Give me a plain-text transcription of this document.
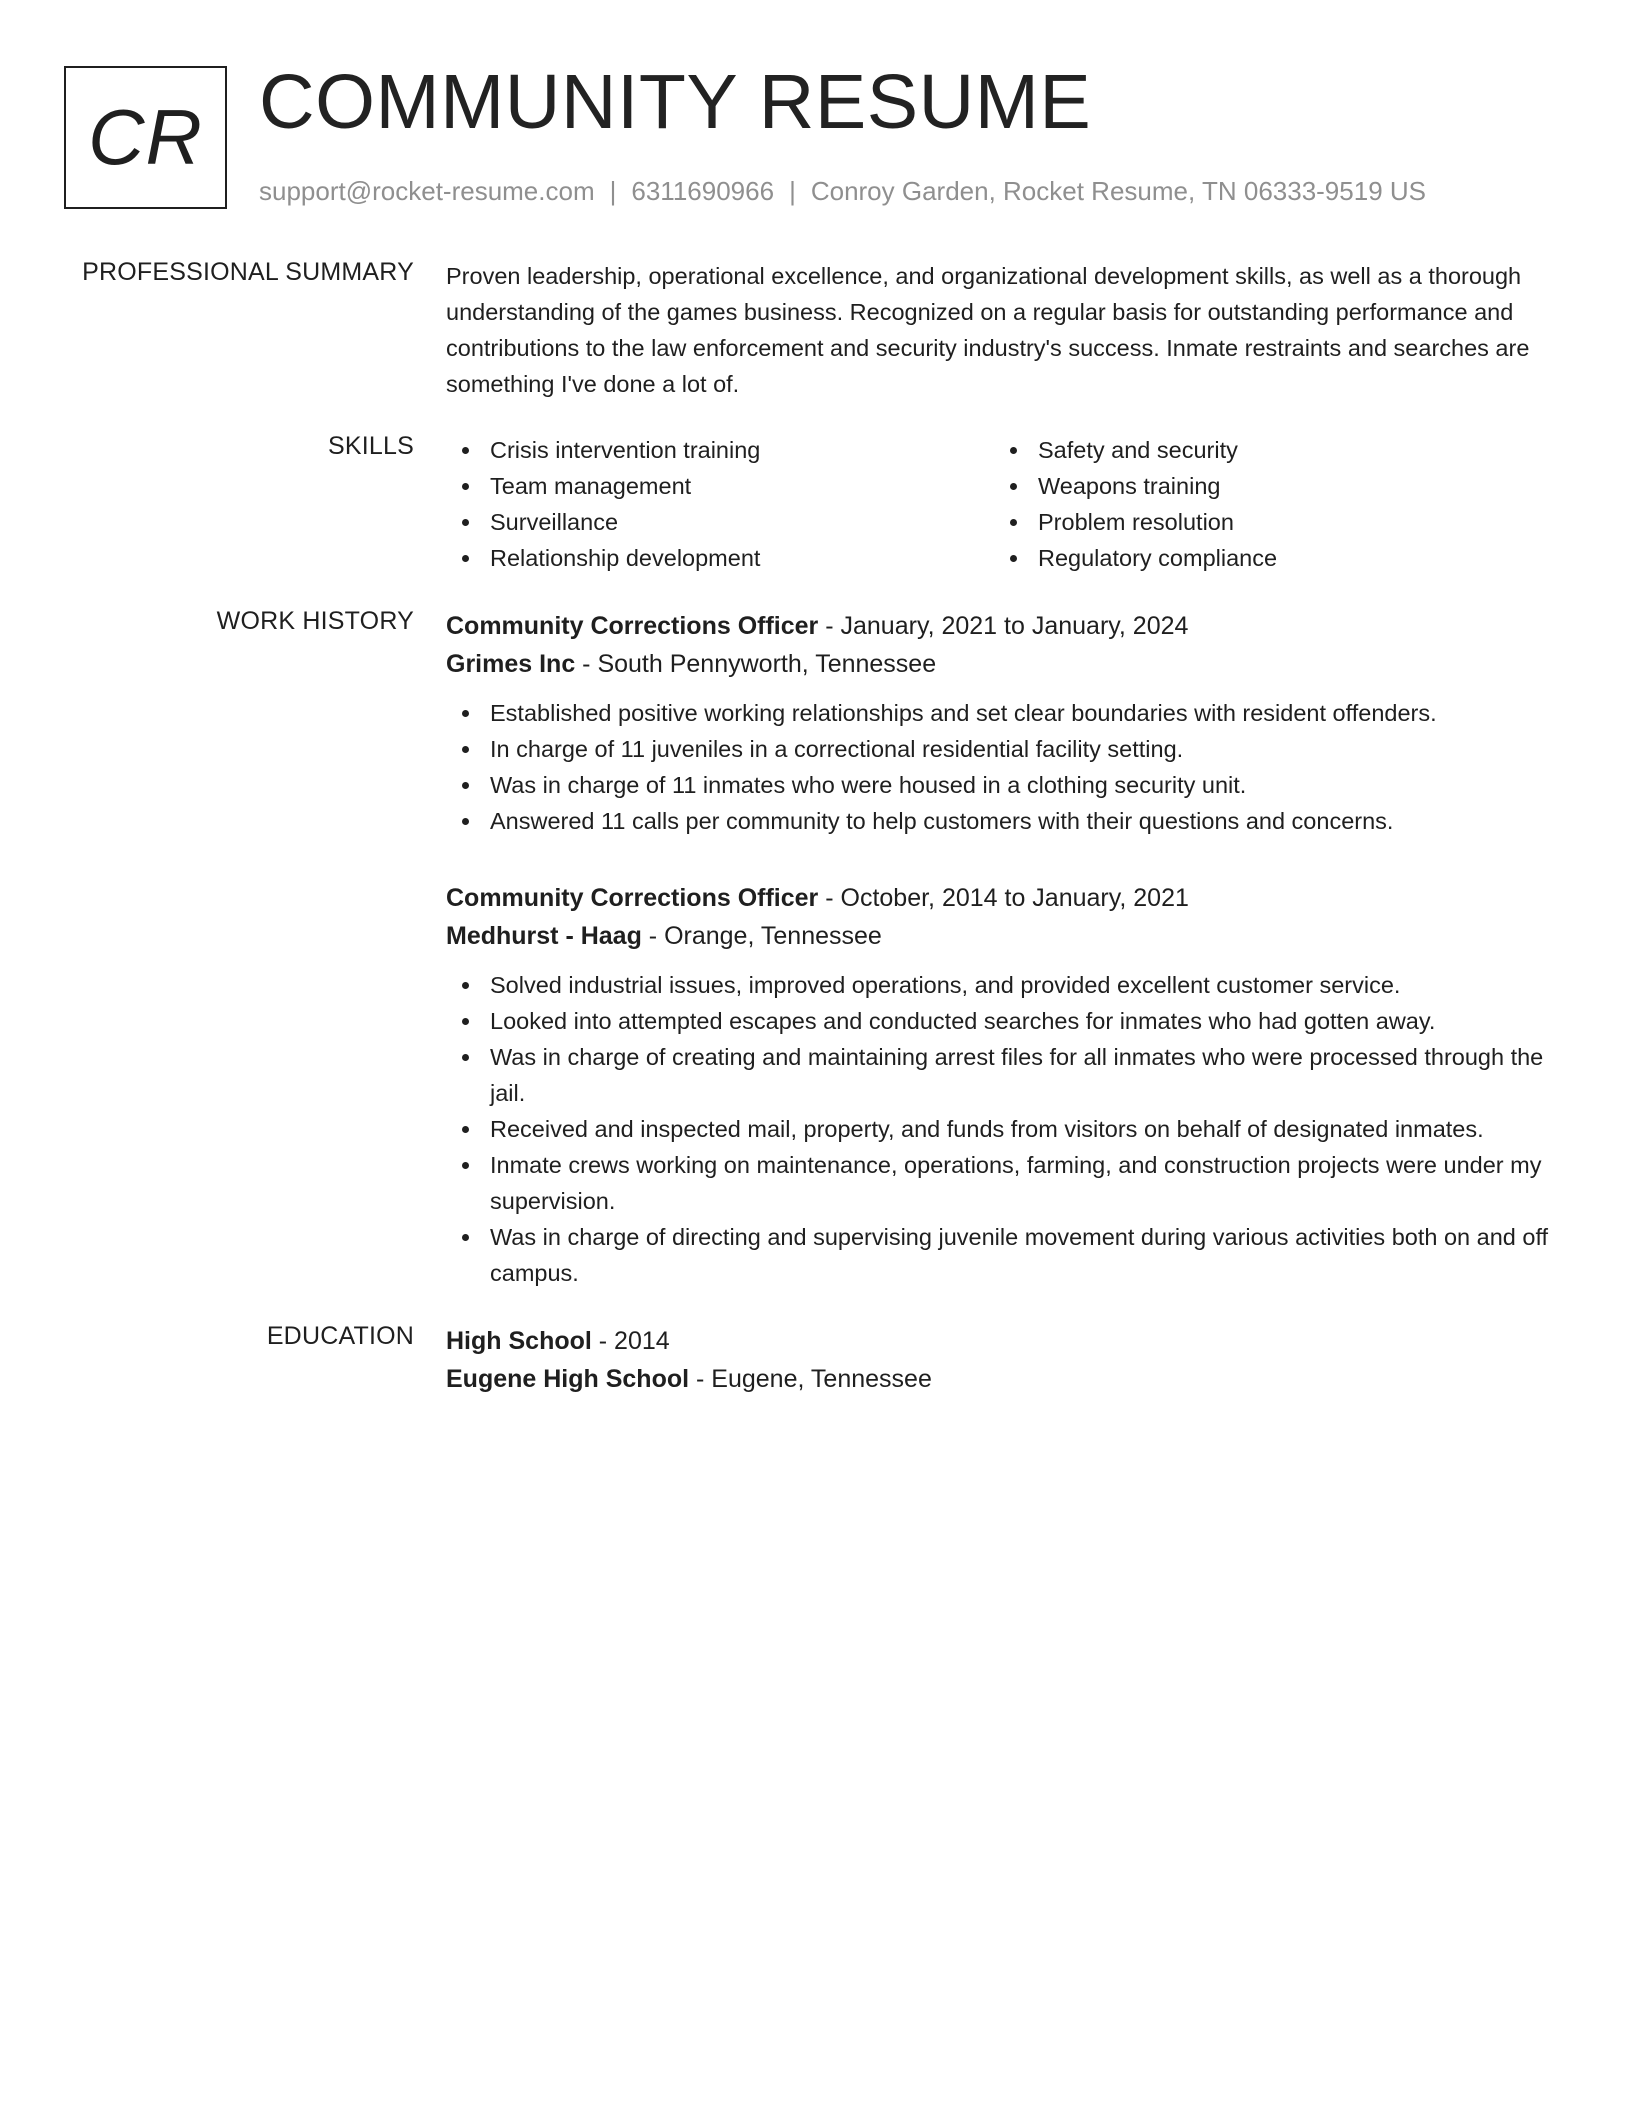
CR COMMUNITY RESUME
support@rocket-resume.com | 6311690966 | Conroy Garden, Rocket Resume, TN 06333-9519 US
PROFESSIONAL SUMMARY Proven leadership, operational excellence, and organizational development skills, as well as a thorough understanding of the games business. Recognized on a regular basis for outstanding performance and contributions to the law enforcement and security industry's success. Inmate restraints and searches are something I've done a lot of.

SKILLS	Crisis intervention training
Team management
Surveillance
Relationship development
Safety and security
Weapons training
Problem resolution
Regulatory compliance
WORK HISTORY Community Corrections Officer - January, 2021 to January, 2024
Grimes Inc - South Pennyworth, Tennessee
Established positive working relationships and set clear boundaries with resident offenders.
In charge of 11 juveniles in a correctional residential facility setting.
Was in charge of 11 inmates who were housed in a clothing security unit.
Answered 11 calls per community to help customers with their questions and concerns.
Community Corrections Officer - October, 2014 to January, 2021
Medhurst - Haag - Orange, Tennessee
Solved industrial issues, improved operations, and provided excellent customer service.
Looked into attempted escapes and conducted searches for inmates who had gotten away.
Was in charge of creating and maintaining arrest files for all inmates who were processed through the jail.
Received and inspected mail, property, and funds from visitors on behalf of designated inmates.
Inmate crews working on maintenance, operations, farming, and construction projects were under my supervision.
Was in charge of directing and supervising juvenile movement during various activities both on and off campus.
EDUCATION High School - 2014
Eugene High School - Eugene, Tennessee
